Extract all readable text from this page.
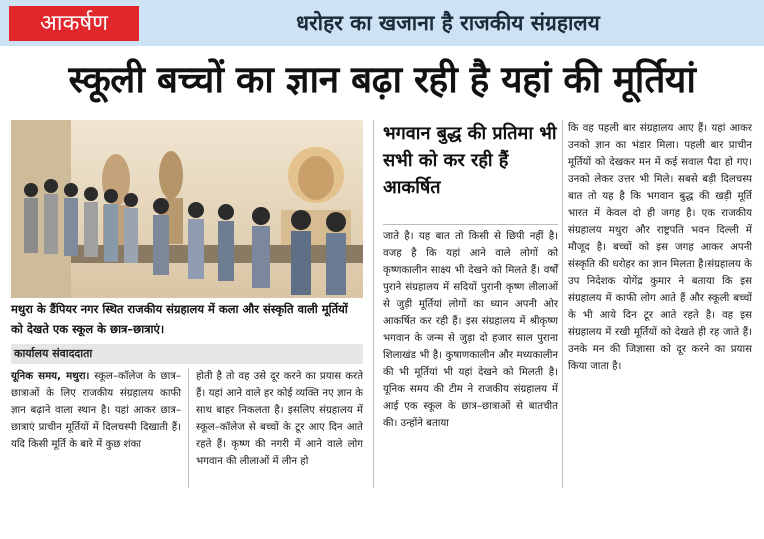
आकर्षण	धरोहर का खजाना है राजकीय संग्रहालय
स्कूली बच्चों का ज्ञान बढ़ा रही है यहां की मूर्तियां
मथुरा के डैंपियर नगर स्थित राजकीय संग्रहालय में कला और संस्कृति वाली मूर्तियों को देखते एक स्कूल के छात्र–छात्राएं।
कार्यालय संवाददाता
भगवान बुद्ध की प्रतिमा भी सभी को कर रही हैं आकर्षित
यूनिक समय, मथुरा। स्कूल–कॉलेज के छात्र–छात्राओं के लिए राजकीय संग्रहालय काफी ज्ञान बढ़ाने वाला स्थान है। यहां आकर छात्र–छात्राएं प्राचीन मूर्तियों में दिलचस्पी दिखाती हैं। यदि किसी मूर्ति के बारे में कुछ शंका
होती है तो वह उसे दूर करने का प्रयास करते हैं। यहां आने वाले हर कोई व्यक्ति नए ज्ञान के साथ बाहर निकलता है। इसलिए संग्रहालय में स्कूल–कॉलेज से बच्चों के टूर आए दिन आते रहते हैं। कृष्ण की नगरी में आने वाले लोग भगवान की लीलाओं में लीन हो
जाते है। यह बात तो किसी से छिपी नहीं है। वजह है कि यहां आने वाले लोगों को कृष्णकालीन साक्ष्य भी देखने को मिलते हैं। वर्षों पुराने संग्रहालय में सदियों पुरानी कृष्ण लीलाओं से जुड़ी मूर्तियां लोगों का ध्यान अपनी ओर आकर्षित कर रही हैं। इस संग्रहालय में श्रीकृष्ण भगवान के जन्म से जुड़ा दो हजार साल पुराना शिलाखंड भी है। कुषाणकालीन और मध्यकालीन की भी मूर्तियां भी यहां देखने को मिलती है। यूनिक समय की टीम ने राजकीय संग्रहालय में आई एक स्कूल के छात्र–छात्राओं से बातचीत की। उन्होंने बताया
कि वह पहली बार संग्रहालय आए हैं। यहां आकर उनको ज्ञान का भंडार मिला। पहली बार प्राचीन मूर्तियों को देखकर मन में कई सवाल पैदा हो गए। उनको लेकर उत्तर भी मिले। सबसे बड़ी दिलचस्प बात तो यह है कि भगवान बुद्ध की खड़ी मूर्ति भारत में केवल दो ही जगह है। एक राजकीय संग्रहालय मथुरा और राष्ट्रपति भवन दिल्ली में मौजूद है। बच्चों को इस जगह आकर अपनी संस्कृति की धरोहर का ज्ञान मिलता है।संग्रहालय के उप निदेशक योगेंद्र कुमार ने बताया कि इस संग्रहालय में काफी लोग आते हैं और स्कूली बच्चों के भी आये दिन टूर आते रहते है। वह इस संग्रहालय में रखी मूर्तियों को देखते ही रह जाते हैं। उनके मन की जिज्ञासा को दूर करने का प्रयास किया जाता है।
